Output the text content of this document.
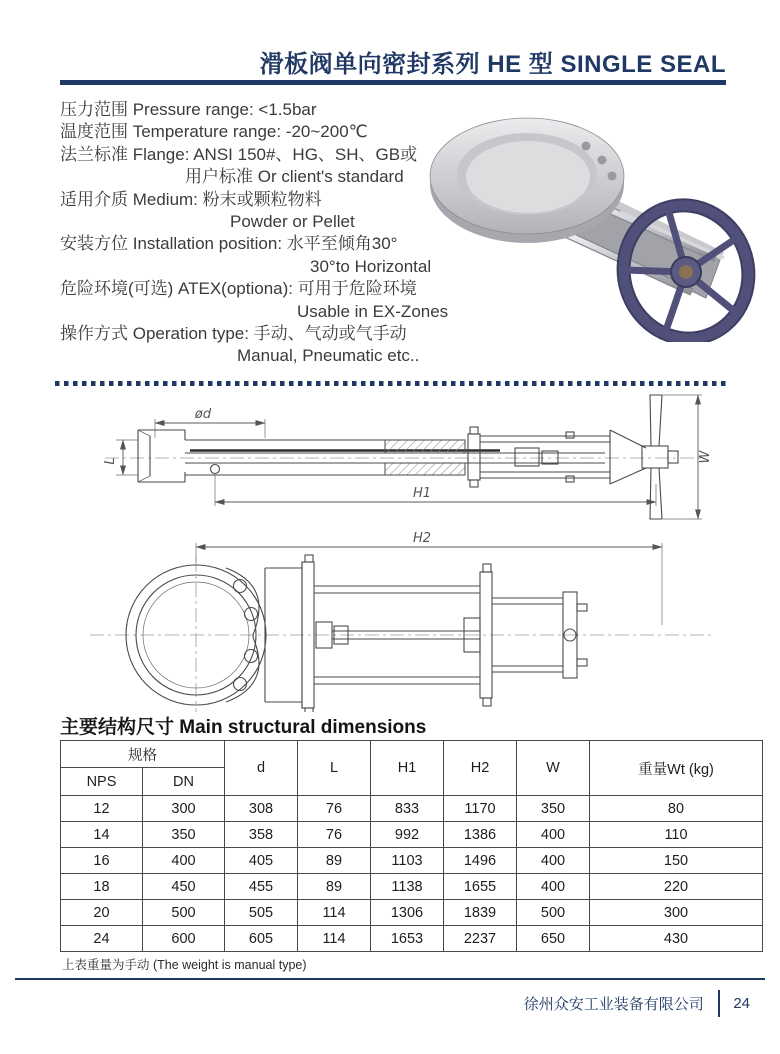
滑板阀单向密封系列 HE 型 SINGLE SEAL
压力范围 Pressure range: <1.5bar
温度范围 Temperature range: -20~200℃
法兰标准 Flange: ANSI 150#、HG、SH、GB或
用户标准 Or client's standard
适用介质 Medium: 粉末或颗粒物料
Powder or Pellet
安装方位 Installation position: 水平至倾角30°
30°to Horizontal
危险环境(可选) ATEX(optiona): 可用于危险环境
Usable in EX-Zones
操作方式 Operation type: 手动、气动或气手动
Manual, Pneumatic etc..
ød
L	W
H1
H2
主要结构尺寸 Main structural dimensions
规格		d	L	H1	H2	W	重量Wt (kg)
NPS	DN						
12	300	308	76	833	1170	350	80
14	350	358	76	992	1386	400	110
16	400	405	89	1103	1496	400	150
18	450	455	89	1138	1655	400	220
20	500	505	114	1306	1839	500	300
24	600	605	114	1653	2237	650	430
上表重量为手动 (The weight is manual type)
徐州众安工业装备有限公司 24
